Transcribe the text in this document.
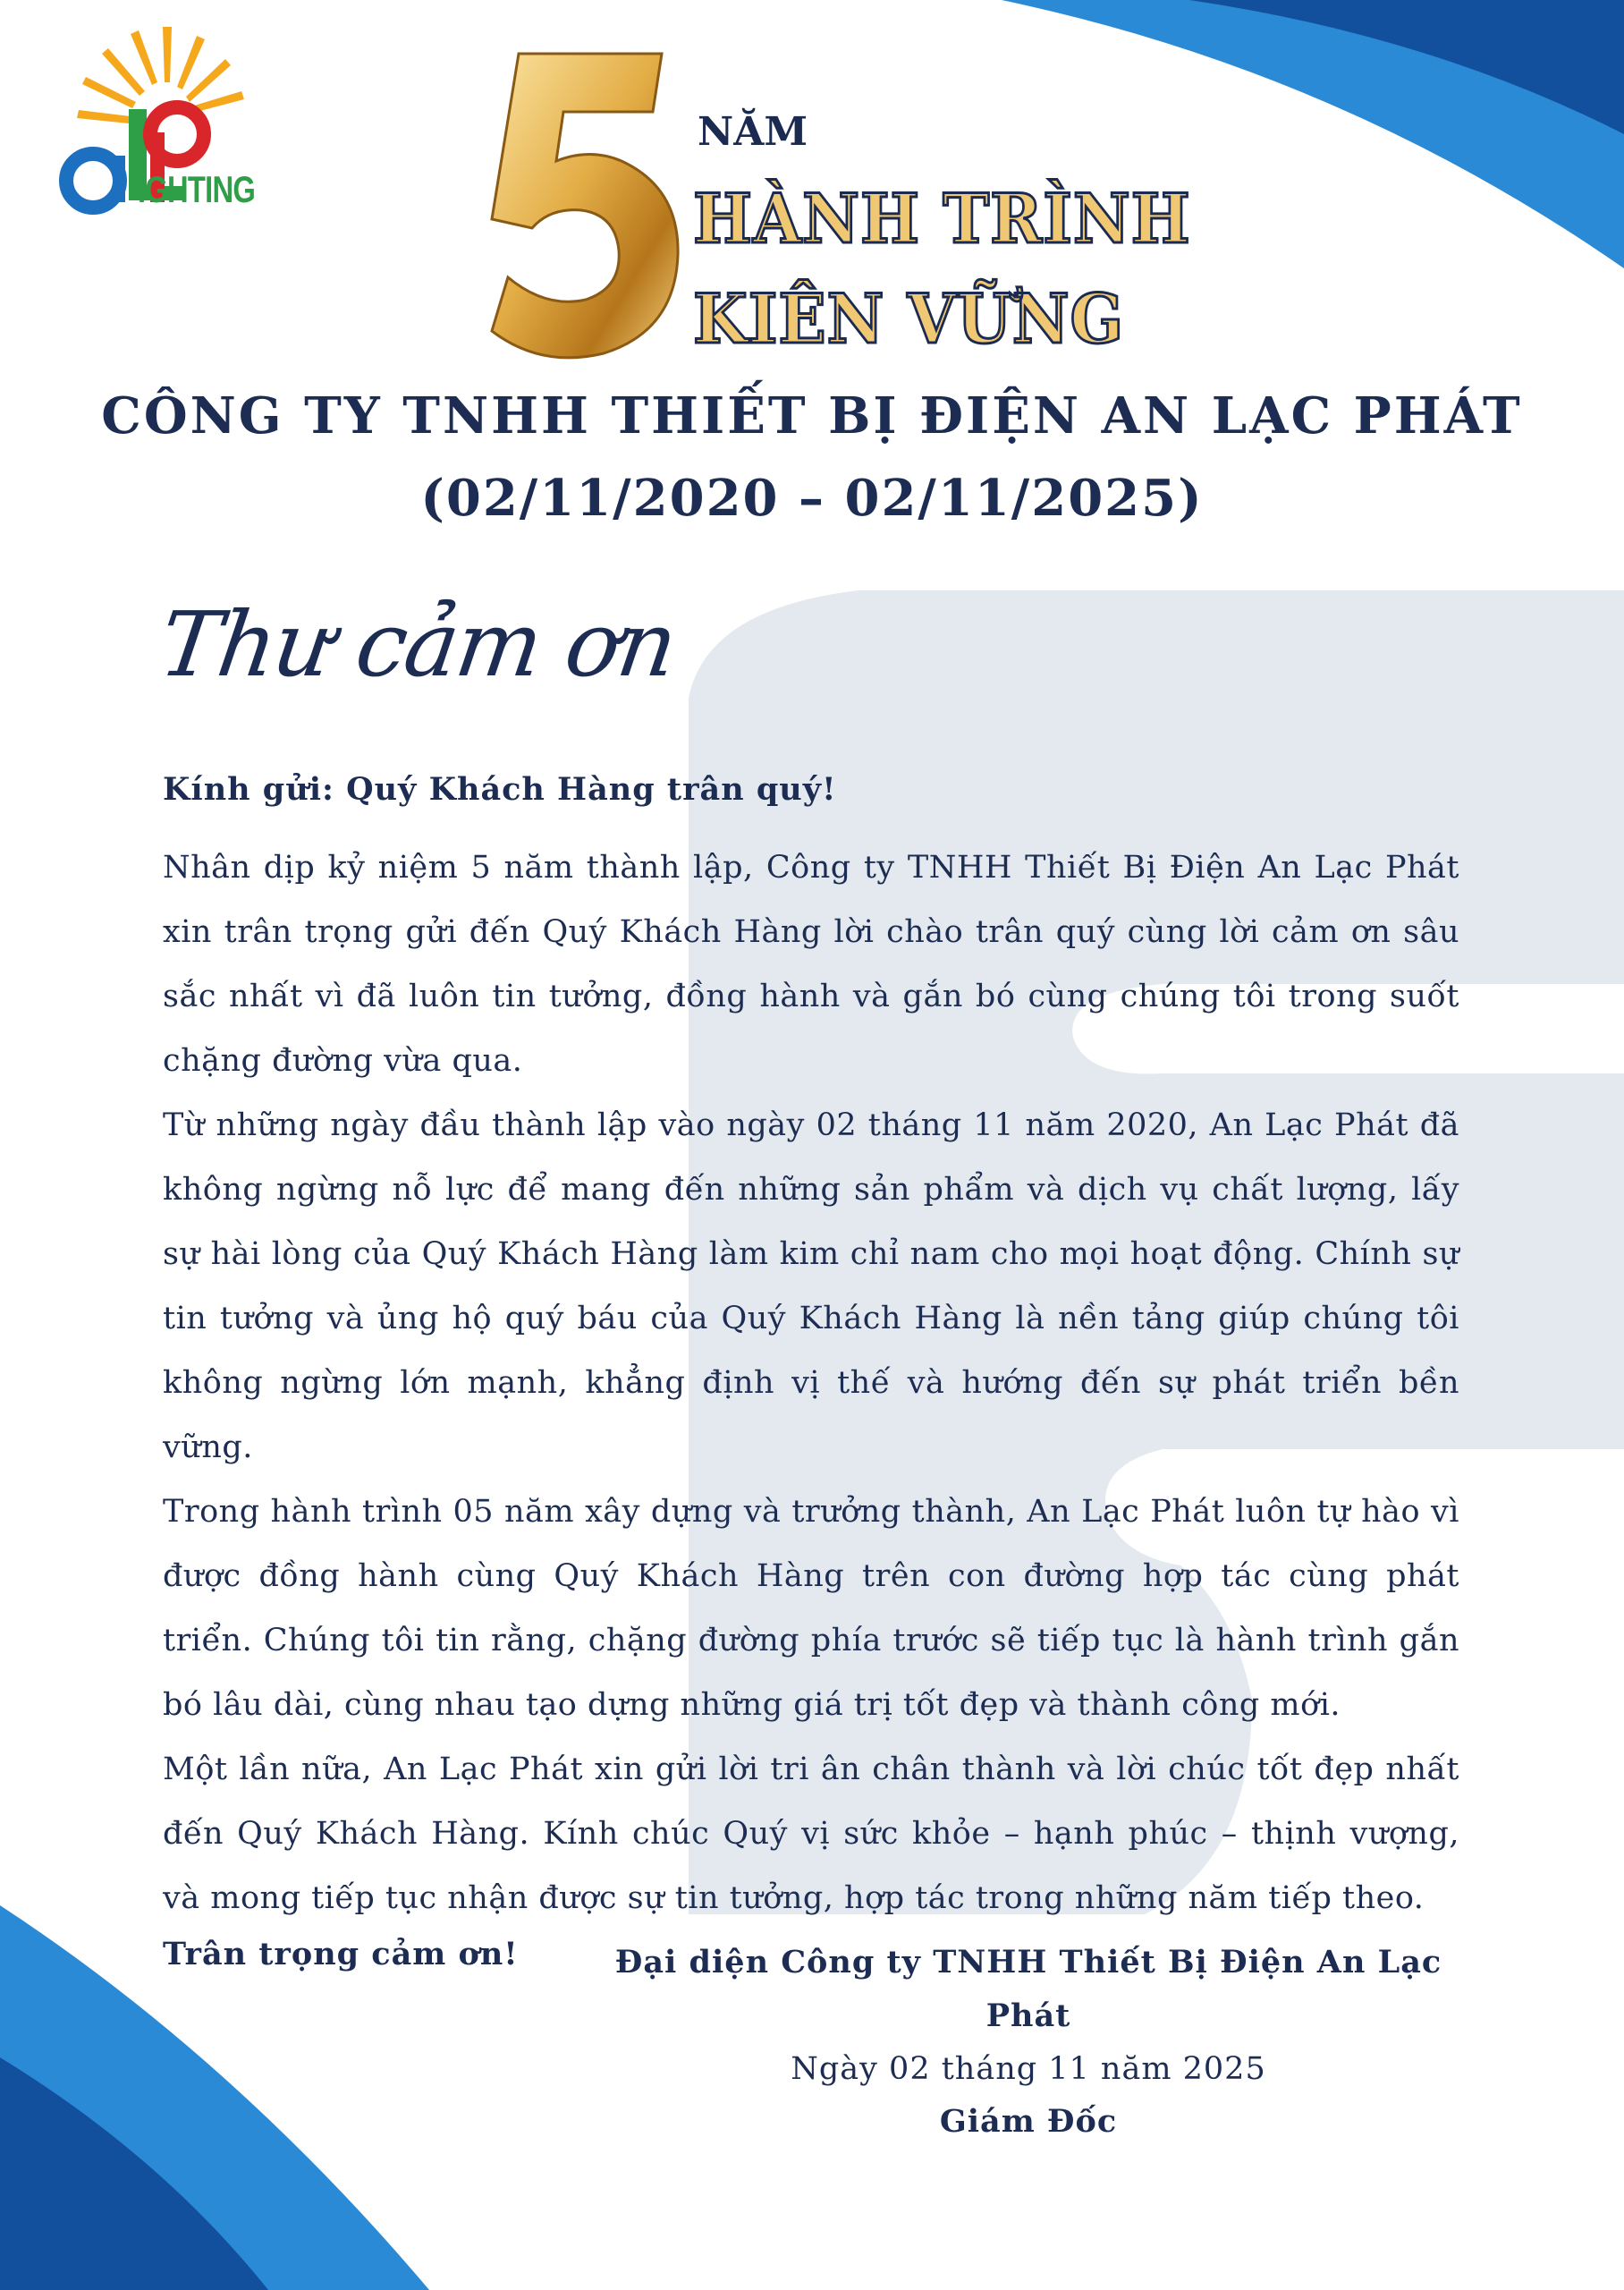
IGHTING
NĂM
HÀNH TRÌNH
KIÊN VỮNG
CÔNG TY TNHH THIẾT BỊ ĐIỆN AN LẠC PHÁT
(02/11/2020 – 02/11/2025)
Thư cảm ơn
Kính gửi: Quý Khách Hàng trân quý!

Nhân dịp kỷ niệm 5 năm thành lập, Công ty TNHH Thiết Bị Điện An Lạc Phát xin trân trọng gửi đến Quý Khách Hàng lời chào trân quý cùng lời cảm ơn sâu sắc nhất vì đã luôn tin tưởng, đồng hành và gắn bó cùng chúng tôi trong suốt chặng đường vừa qua.

Từ những ngày đầu thành lập vào ngày 02 tháng 11 năm 2020, An Lạc Phát đã không ngừng nỗ lực để mang đến những sản phẩm và dịch vụ chất lượng, lấy sự hài lòng của Quý Khách Hàng làm kim chỉ nam cho mọi hoạt động. Chính sự tin tưởng và ủng hộ quý báu của Quý Khách Hàng là nền tảng giúp chúng tôi không ngừng lớn mạnh, khẳng định vị thế và hướng đến sự phát triển bền vững.

Trong hành trình 05 năm xây dựng và trưởng thành, An Lạc Phát luôn tự hào vì được đồng hành cùng Quý Khách Hàng trên con đường hợp tác cùng phát triển. Chúng tôi tin rằng, chặng đường phía trước sẽ tiếp tục là hành trình gắn bó lâu dài, cùng nhau tạo dựng những giá trị tốt đẹp và thành công mới.

Một lần nữa, An Lạc Phát xin gửi lời tri ân chân thành và lời chúc tốt đẹp nhất đến Quý Khách Hàng. Kính chúc Quý vị sức khỏe – hạnh phúc – thịnh vượng, và mong tiếp tục nhận được sự tin tưởng, hợp tác trong những năm tiếp theo.

Trân trọng cảm ơn!	Đại diện Công ty TNHH Thiết Bị Điện An Lạc Phát
Ngày 02 tháng 11 năm 2025
Giám Đốc
